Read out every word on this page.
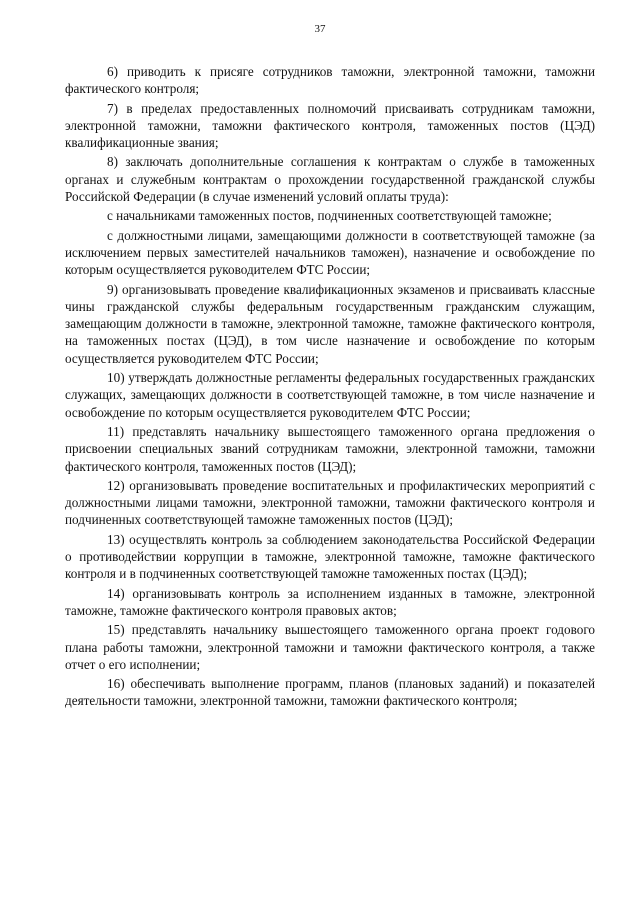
37

6) приводить к присяге сотрудников таможни, электронной таможни, таможни фактического контроля;

7) в пределах предоставленных полномочий присваивать сотрудникам таможни, электронной таможни, таможни фактического контроля, таможенных постов (ЦЭД) квалификационные звания;

8) заключать дополнительные соглашения к контрактам о службе в таможенных органах и служебным контрактам о прохождении государственной гражданской службы Российской Федерации (в случае изменений условий оплаты труда):

с начальниками таможенных постов, подчиненных соответствующей таможне;

с должностными лицами, замещающими должности в соответствующей таможне (за исключением первых заместителей начальников таможен), назначение и освобождение по которым осуществляется руководителем ФТС России;

9) организовывать проведение квалификационных экзаменов и присваивать классные чины гражданской службы федеральным государственным гражданским служащим, замещающим должности в таможне, электронной таможне, таможне фактического контроля, на таможенных постах (ЦЭД), в том числе назначение и освобождение по которым осуществляется руководителем ФТС России;

10) утверждать должностные регламенты федеральных государственных гражданских служащих, замещающих должности в соответствующей таможне, в том числе назначение и освобождение по которым осуществляется руководителем ФТС России;

11) представлять начальнику вышестоящего таможенного органа предложения о присвоении специальных званий сотрудникам таможни, электронной таможни, таможни фактического контроля, таможенных постов (ЦЭД);

12) организовывать проведение воспитательных и профилактических мероприятий с должностными лицами таможни, электронной таможни, таможни фактического контроля и подчиненных соответствующей таможне таможенных постов (ЦЭД);

13) осуществлять контроль за соблюдением законодательства Российской Федерации о противодействии коррупции в таможне, электронной таможне, таможне фактического контроля и в подчиненных соответствующей таможне таможенных постах (ЦЭД);

14) организовывать контроль за исполнением изданных в таможне, электронной таможне, таможне фактического контроля правовых актов;

15) представлять начальнику вышестоящего таможенного органа проект годового плана работы таможни, электронной таможни и таможни фактического контроля, а также отчет о его исполнении;

16) обеспечивать выполнение программ, планов (плановых заданий) и показателей деятельности таможни, электронной таможни, таможни фактического контроля;
